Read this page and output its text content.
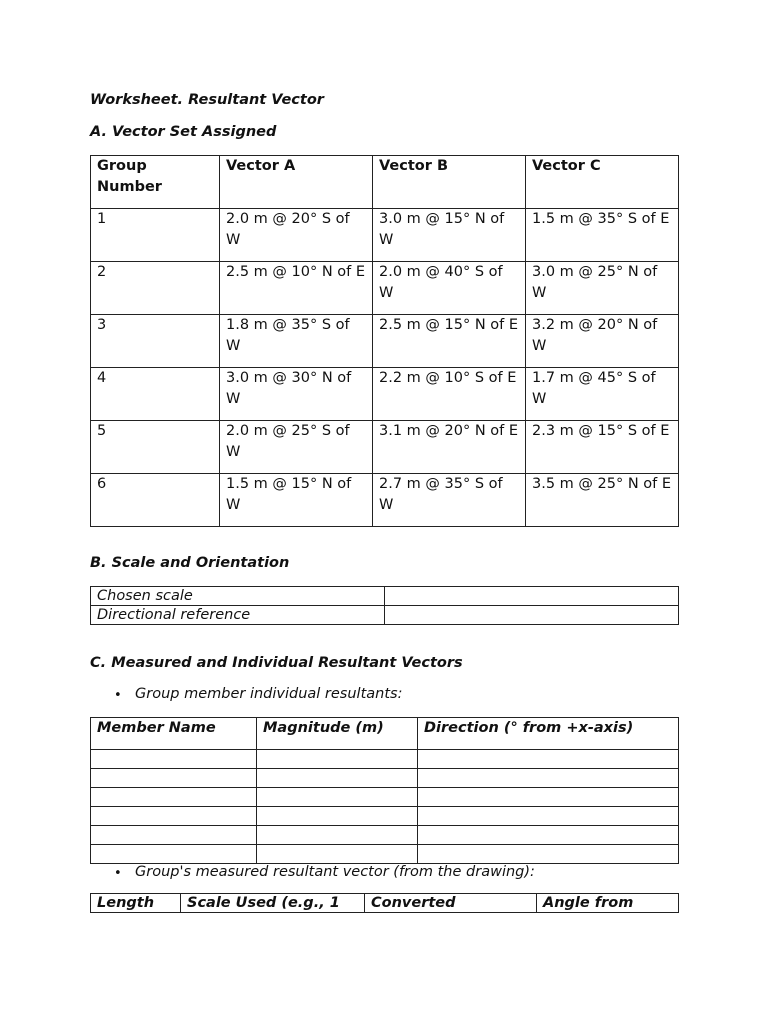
Worksheet. Resultant Vector
A. Vector Set Assigned
Group Number	Vector A	Vector B	Vector C
1	2.0 m @ 20° S of W	3.0 m @ 15° N of W	1.5 m @ 35° S of E
2	2.5 m @ 10° N of E	2.0 m @ 40° S of W	3.0 m @ 25° N of W
3	1.8 m @ 35° S of W	2.5 m @ 15° N of E	3.2 m @ 20° N of W
4	3.0 m @ 30° N of W	2.2 m @ 10° S of E	1.7 m @ 45° S of W
5	2.0 m @ 25° S of W	3.1 m @ 20° N of E	2.3 m @ 15° S of E
6	1.5 m @ 15° N of W	2.7 m @ 35° S of W	3.5 m @ 25° N of E
B. Scale and Orientation
Chosen scale	
Directional reference	
C. Measured and Individual Resultant Vectors
• Group member individual resultants:
Member Name	Magnitude (m)	Direction (° from +x-axis)

• Group's measured resultant vector (from the drawing):
Length	Scale Used (e.g., 1	Converted	Angle from
